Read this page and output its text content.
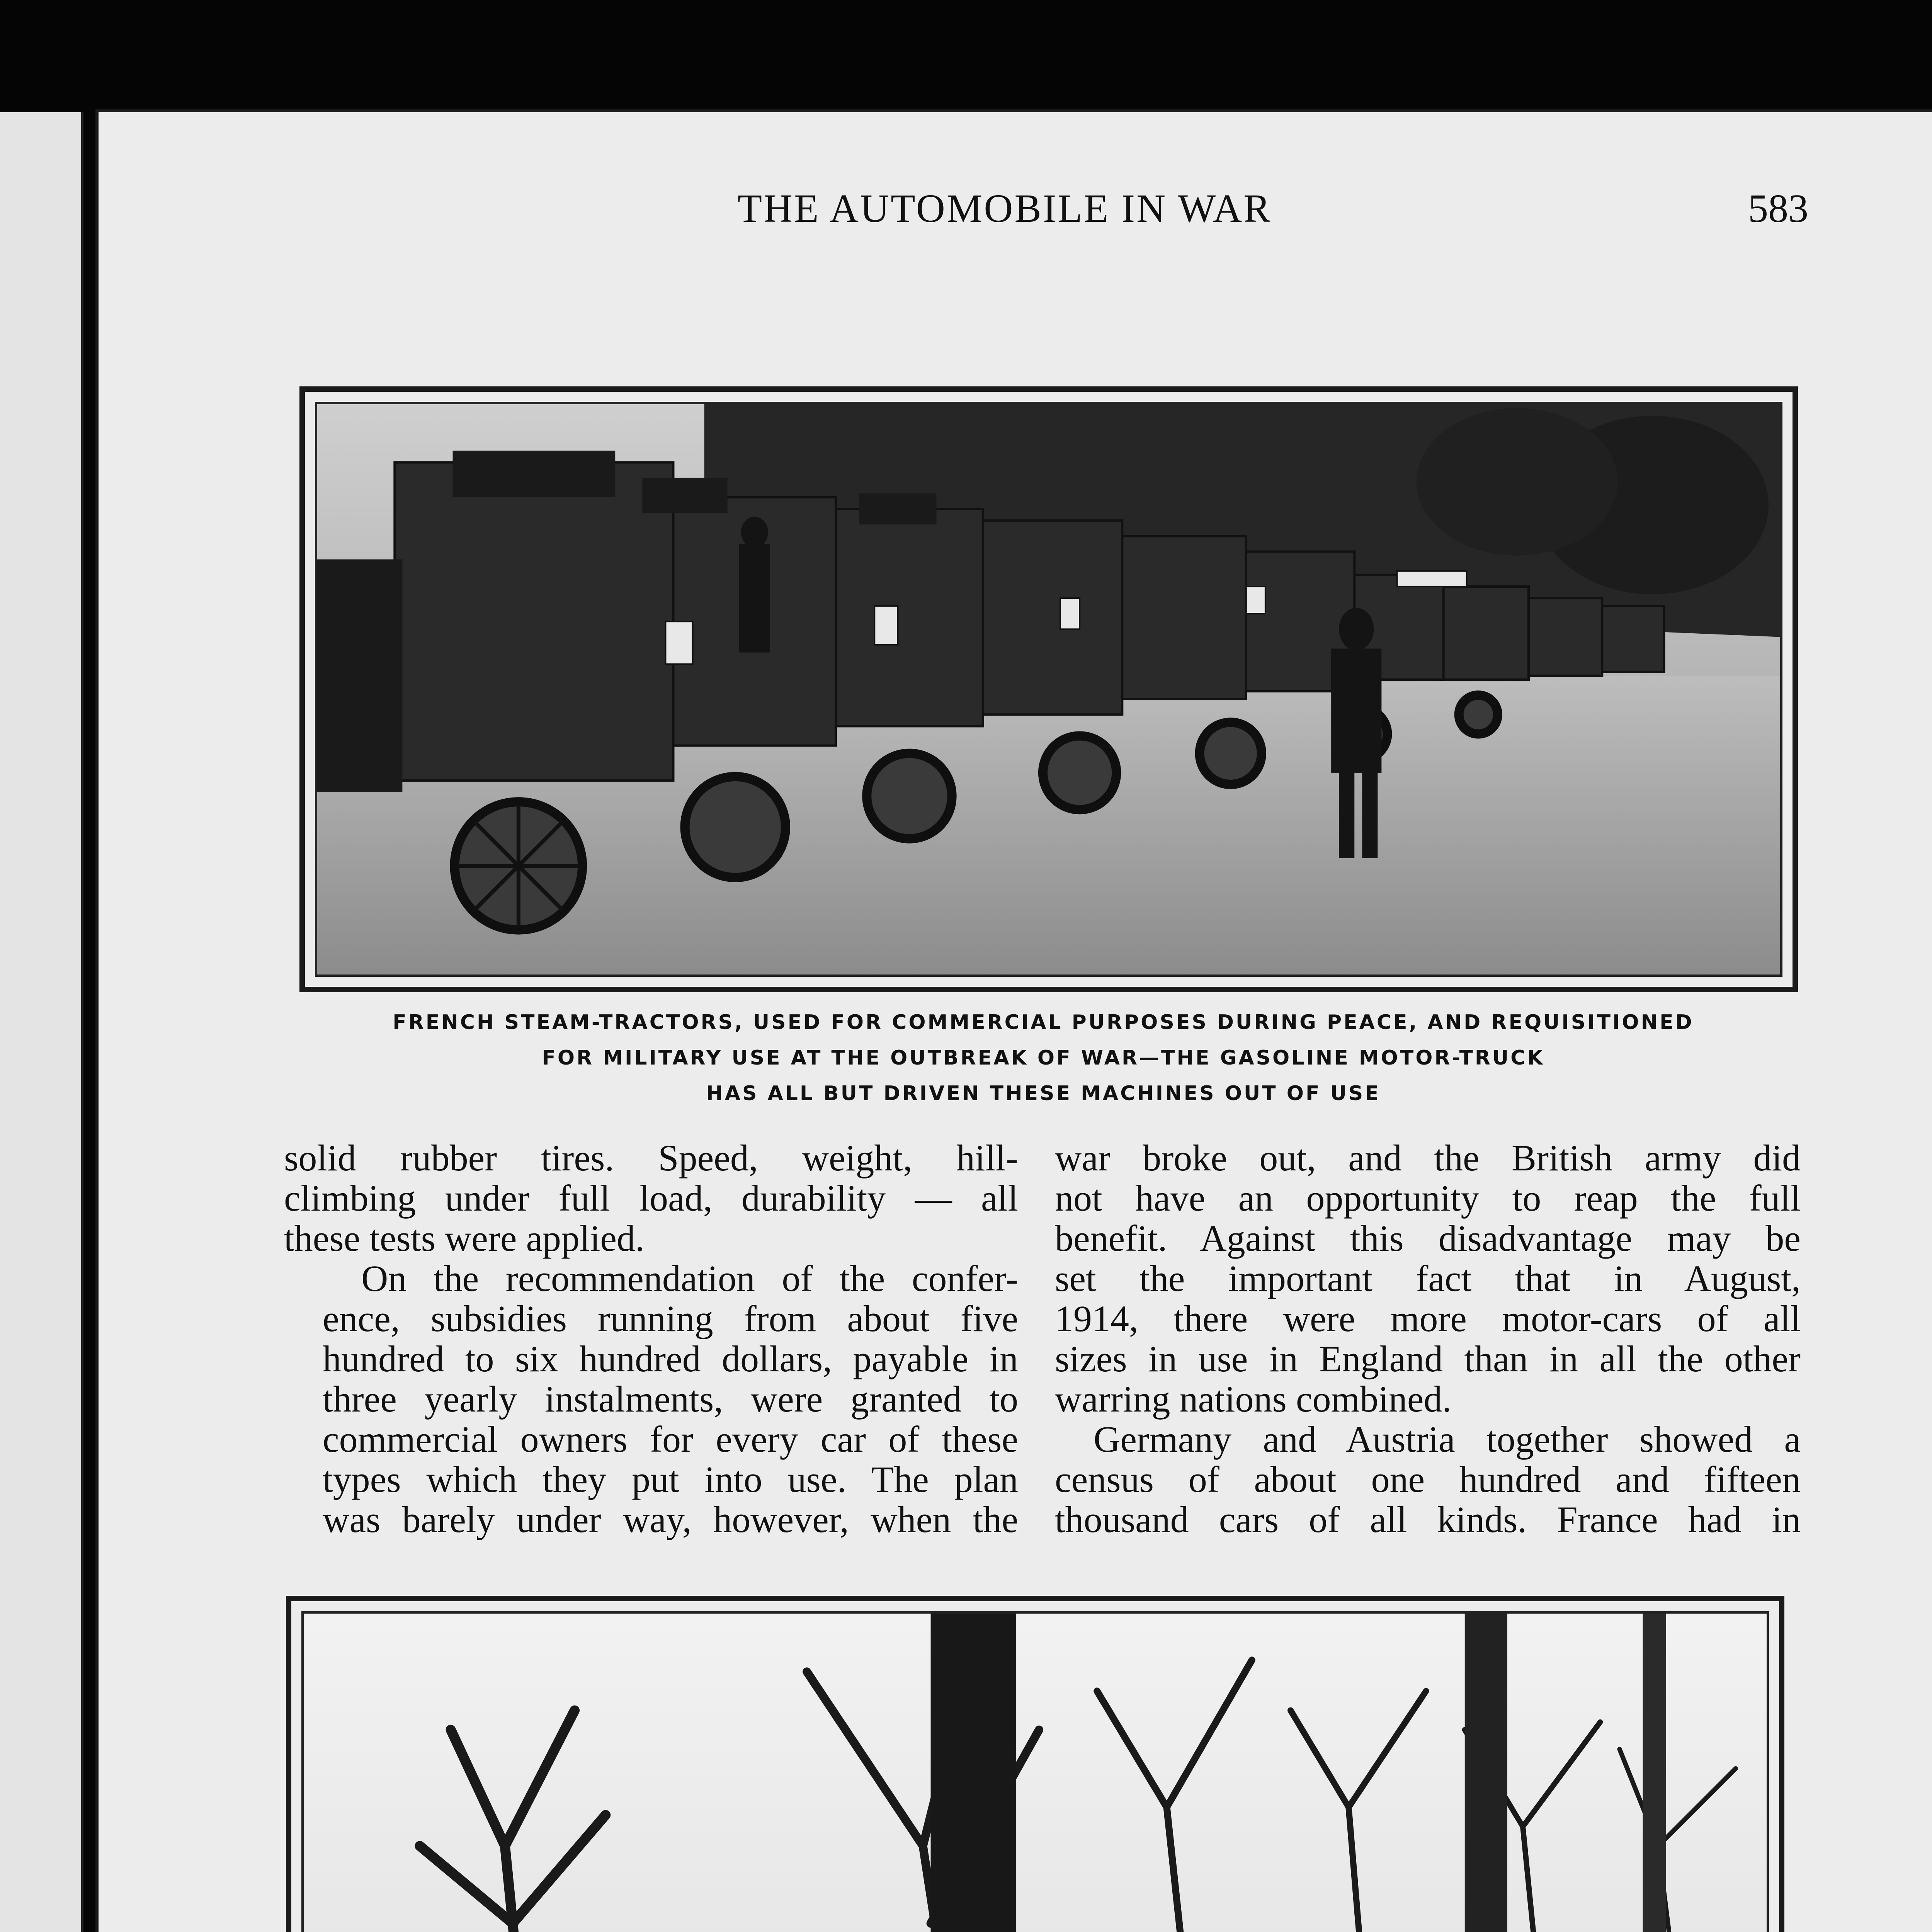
THE AUTOMOBILE IN WAR	583
FRENCH STEAM-TRACTORS, USED FOR COMMERCIAL PURPOSES DURING PEACE, AND REQUISITIONED
FOR MILITARY USE AT THE OUTBREAK OF WAR—THE GASOLINE MOTOR-TRUCK
HAS ALL BUT DRIVEN THESE MACHINES OUT OF USE

solid rubber tires. Speed, weight, hill-
climbing under full load, durability — all
these tests were applied.

On the recommendation of the confer-
ence, subsidies running from about five
hundred to six hundred dollars, payable in
three yearly instalments, were granted to
commercial owners for every car of these
types which they put into use. The plan
was barely under way, however, when the

war broke out, and the British army did
not have an opportunity to reap the full
benefit. Against this disadvantage may be
set the important fact that in August,
1914, there were more motor-cars of all
sizes in use in England than in all the other
warring nations combined.

Germany and Austria together showed a
census of about one hundred and fifteen
thousand cars of all kinds. France had in
